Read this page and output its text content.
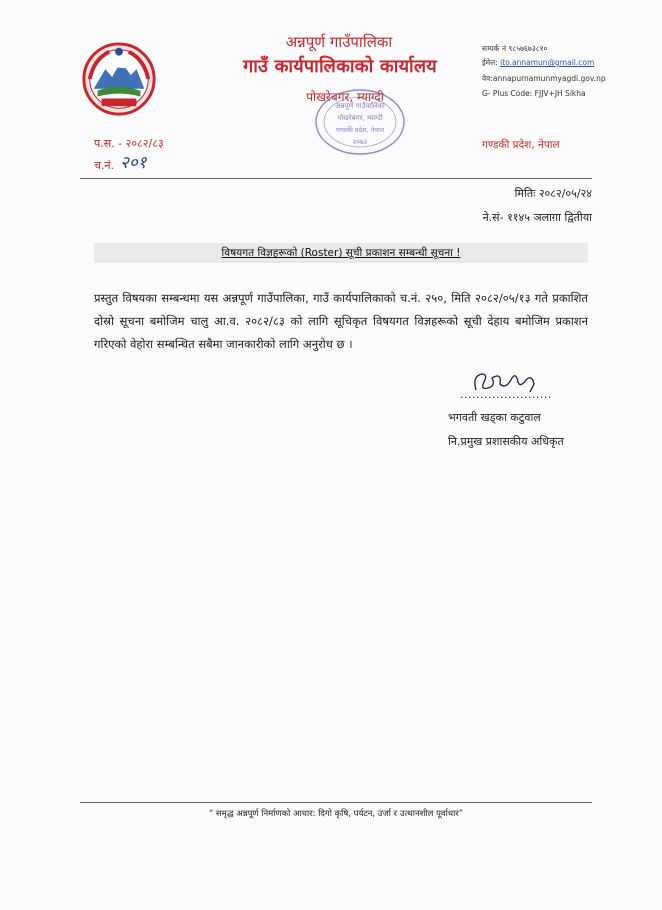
अन्नपूर्ण गाउँपालिका
गाउँ कार्यपालिकाको कार्यालय
पोखरेबगर, म्याग्दी
सम्पर्क नं ९८५७६७३८१०
ईमेल: ito.annamun@gmail.com
वेव:annapurnamunmyagdi.gov.np
G- Plus Code: FJJV+JH Sikha
प.स. - २०८२/८३
च.नं. २०१
गण्डकी प्रदेश, नेपाल
अन्नपूर्ण गाउँपालिका
पोखरेबगर, म्याग्दी
गण्डकी प्रदेश, नेपाल
२०७३
मितिः २०८२/०५/२४
ने.सं- ११४५ ञलाग़ा द्वितीया
विषयगत विज्ञहरूको (Roster) सूची प्रकाशन सम्बन्धी सूचना !
प्रस्तुत विषयका सम्बन्धमा यस अन्नपूर्ण गाउँपालिका, गाउँ कार्यपालिकाको च.नं. २५०, मिति २०८२/०५/१३ गते प्रकाशित दोस्रो सूचना बमोजिम चालु आ.व. २०८२/८३ को लागि सूचिकृत विषयगत विज्ञहरूको सूची देहाय बमोजिम प्रकाशन गरिएको वेहोरा सम्बन्धित सबैमा जानकारीको लागि अनुरोध छ ।
.......................
भगवती खड्का कटुवाल
नि.प्रमुख प्रशासकीय अधिकृत
“ समृद्ध अन्नपूर्ण निर्माणको आधार: दिगो कृषि, पर्यटन, उर्जा र उत्थानशील पूर्वाधार”
